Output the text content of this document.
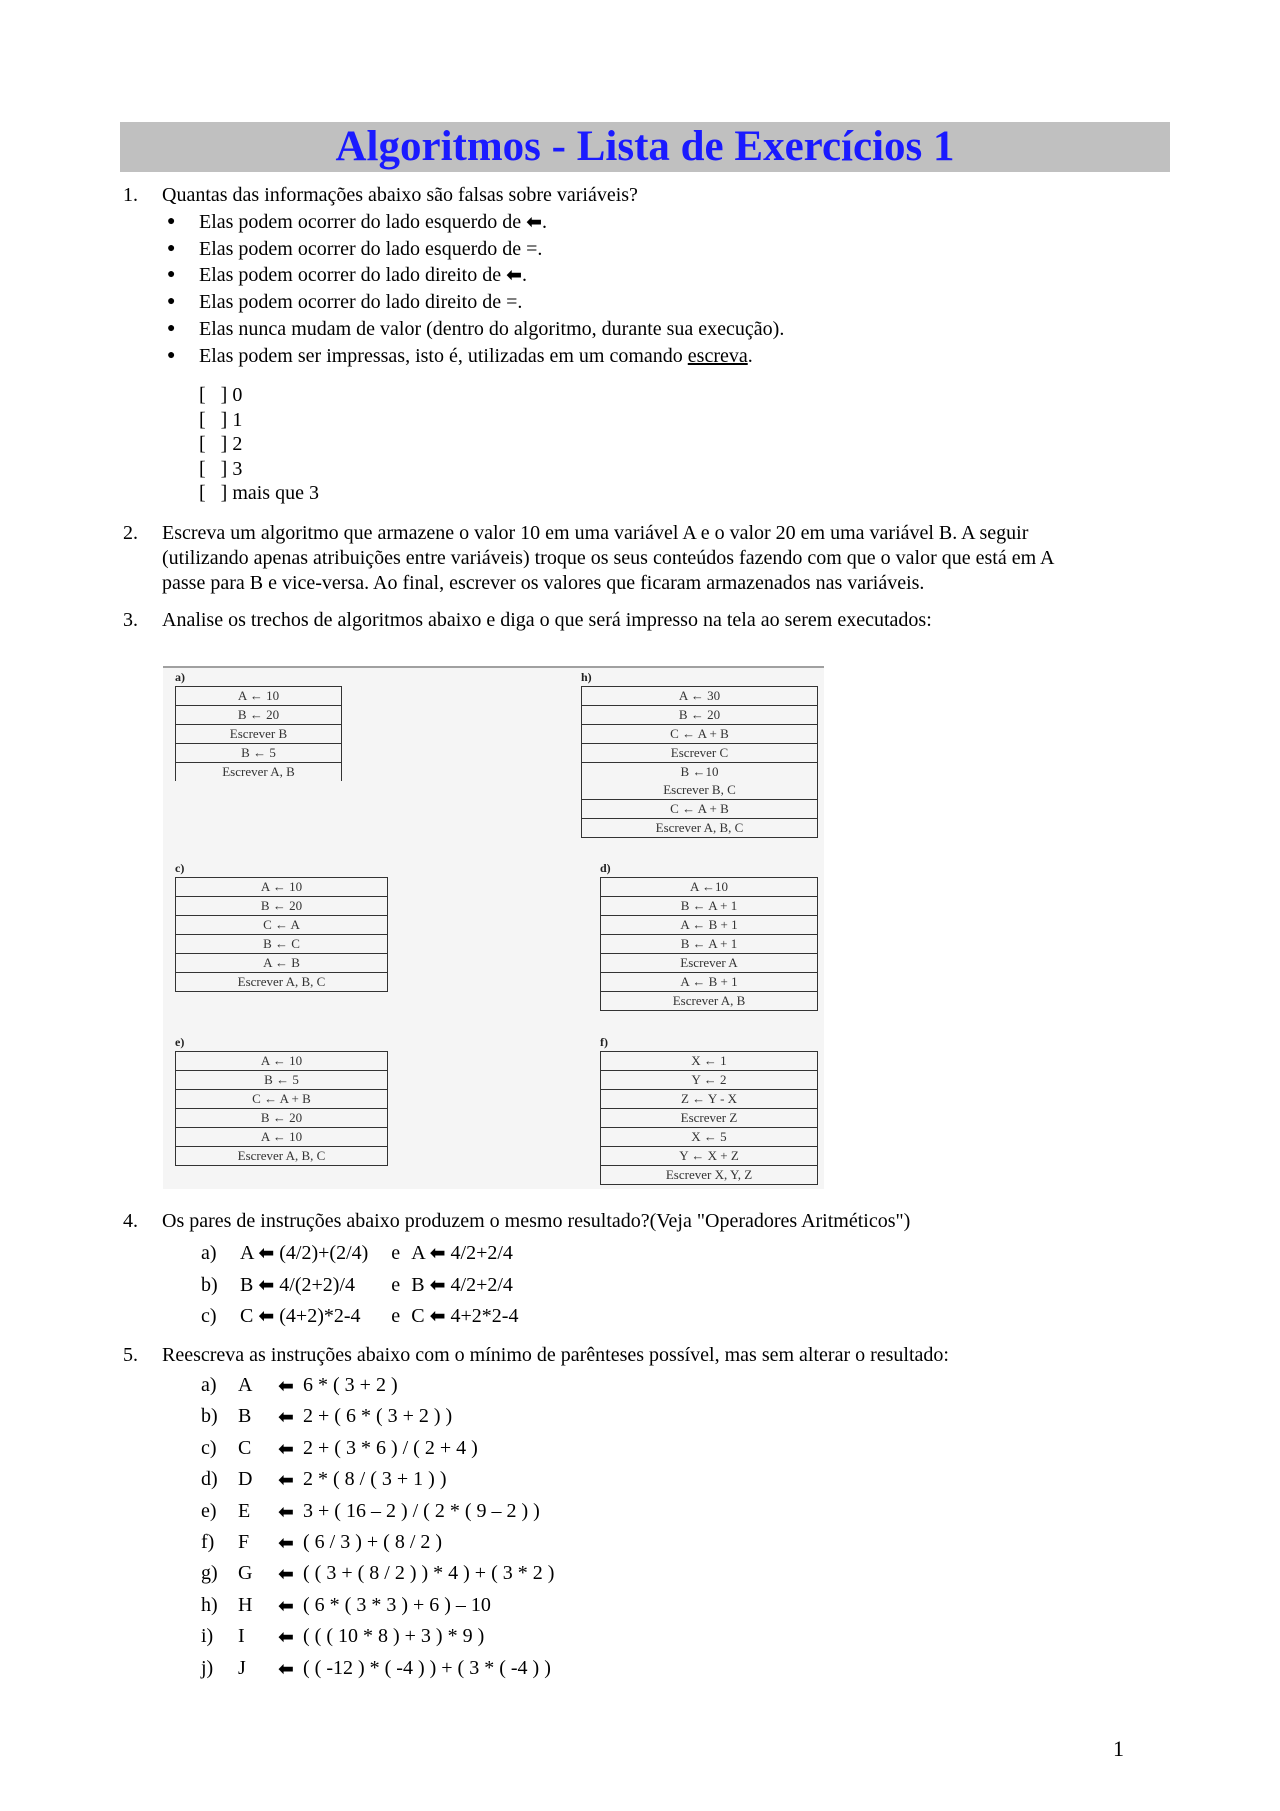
Algoritmos - Lista de Exercícios 1
1. Quantas das informações abaixo são falsas sobre variáveis?
● Elas podem ocorrer do lado esquerdo de ⬅.
● Elas podem ocorrer do lado esquerdo de =.
● Elas podem ocorrer do lado direito de ⬅.
● Elas podem ocorrer do lado direito de =.
● Elas nunca mudam de valor (dentro do algoritmo, durante sua execução).
● Elas podem ser impressas, isto é, utilizadas em um comando escreva.
[   ] 0
[   ] 1
[   ] 2
[   ] 3
[   ] mais que 3
2. Escreva um algoritmo que armazene o valor 10 em uma variável A e o valor 20 em uma variável B. A seguir
(utilizando apenas atribuições entre variáveis) troque os seus conteúdos fazendo com que o valor que está em A
passe para B e vice-versa. Ao final, escrever os valores que ficaram armazenados nas variáveis.
3. Analise os trechos de algoritmos abaixo e diga o que será impresso na tela ao serem executados:
a)
A ← 10
B ← 20
Escrever B
B ← 5
Escrever A, B
h)
A ← 30
B ← 20
C ← A + B
Escrever C

B ←10
Escrever B, C

C ← A + B
Escrever A, B, C
c)
A ← 10
B ← 20
C ← A
B ← C
A ← B
Escrever A, B, C
d)
A ←10
B ← A + 1
A ← B + 1
B ← A + 1
Escrever A
A ← B + 1
Escrever A, B
e)
A ← 10
B ← 5
C ← A + B
B ← 20
A ← 10
Escrever A, B, C
f)
X ← 1
Y ← 2
Z ← Y - X
Escrever Z
X ← 5
Y ← X + Z
Escrever X, Y, Z
4. Os pares de instruções abaixo produzem o mesmo resultado?(Veja "Operadores Aritméticos")
a) A ⬅ (4/2)+(2/4) e A ⬅ 4/2+2/4
b) B ⬅ 4/(2+2)/4 e B ⬅ 4/2+2/4
c) C ⬅ (4+2)*2-4 e C ⬅ 4+2*2-4
5. Reescreva as instruções abaixo com o mínimo de parênteses possível, mas sem alterar o resultado:
a) A ⬅ 6 * ( 3 + 2 )
b) B ⬅ 2 + ( 6 * ( 3 + 2 ) )
c) C ⬅ 2 + ( 3 * 6 ) / ( 2 + 4 )
d) D ⬅ 2 * ( 8 / ( 3 + 1 ) )
e) E ⬅ 3 + ( 16 – 2 ) / ( 2 * ( 9 – 2 ) )
f) F ⬅ ( 6 / 3 ) + ( 8 / 2 )
g) G ⬅ ( ( 3 + ( 8 / 2 ) ) * 4 ) + ( 3 * 2 )
h) H ⬅ ( 6 * ( 3 * 3 ) + 6 ) – 10
i) I ⬅ ( ( ( 10 * 8 ) + 3 ) * 9 )
j) J ⬅ ( ( -12 ) * ( -4 ) ) + ( 3 * ( -4 ) )
1
